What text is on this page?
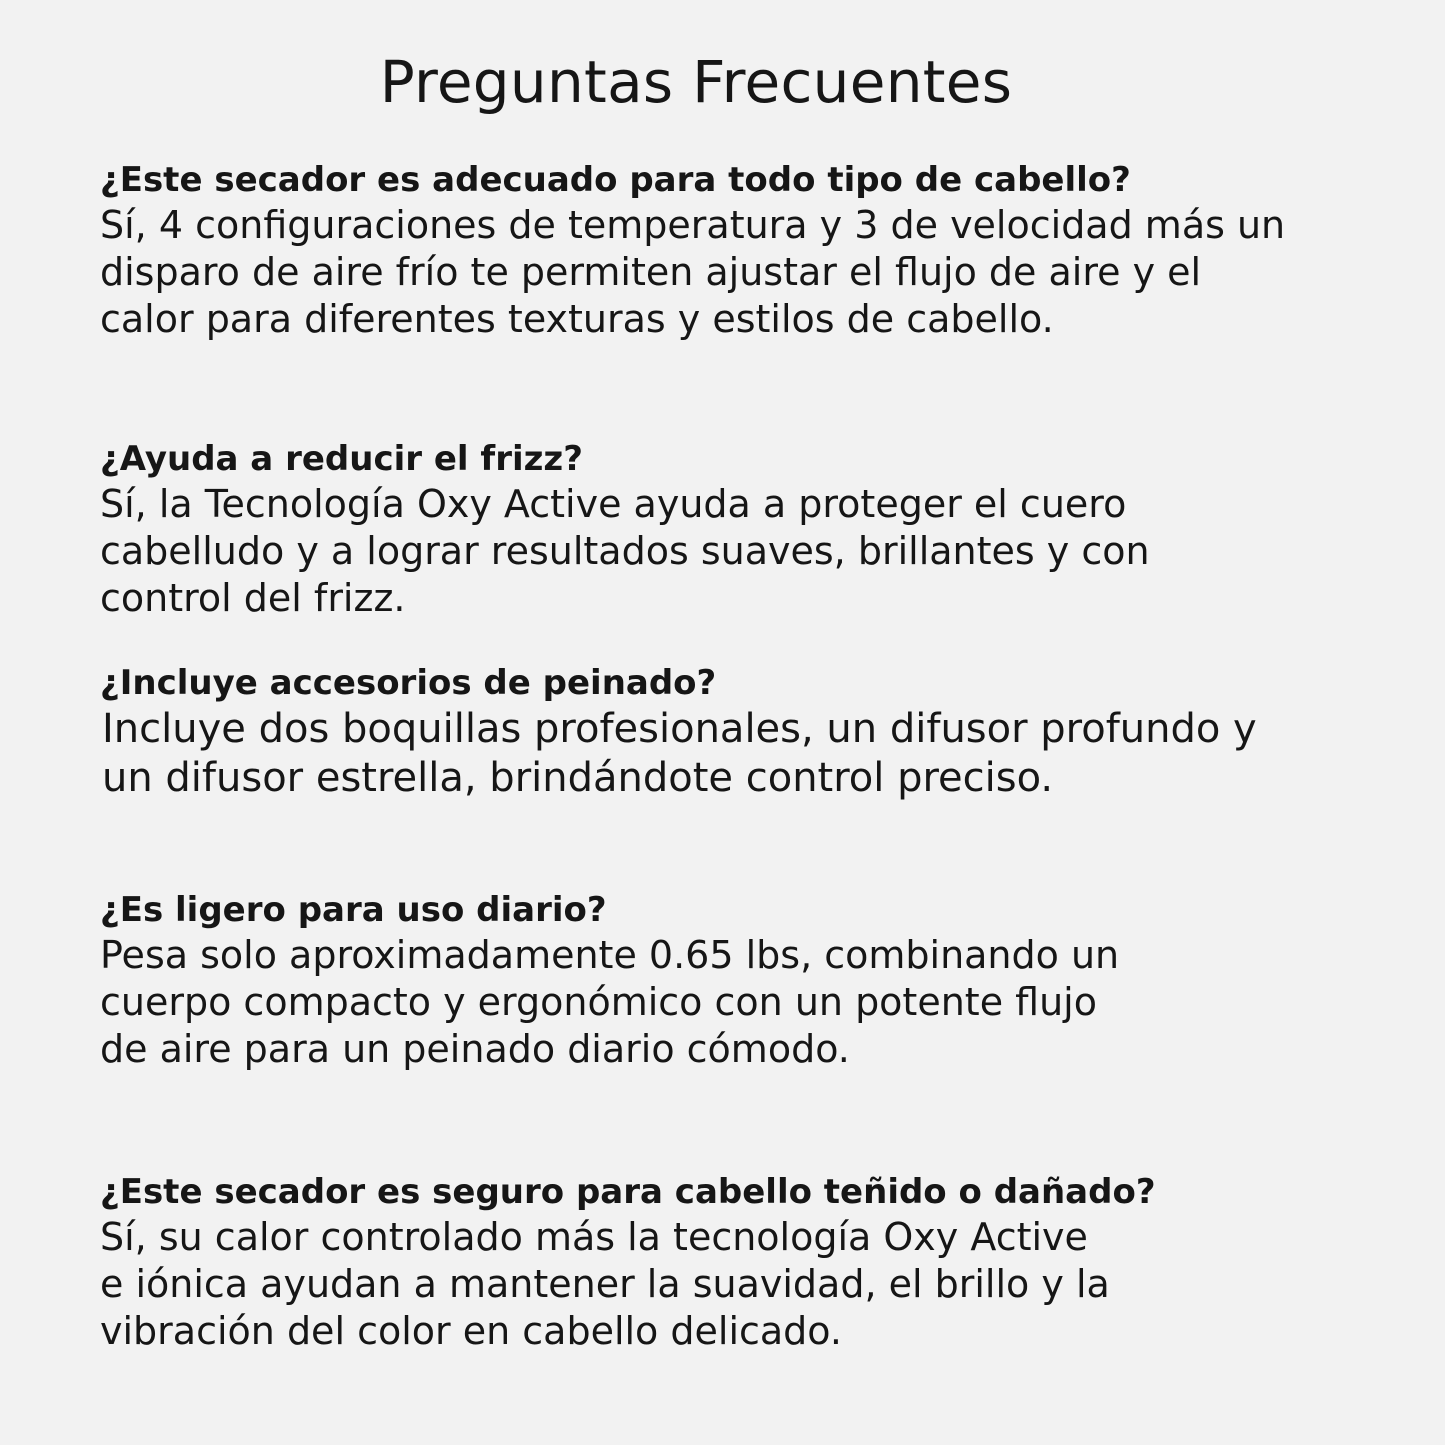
Preguntas Frecuentes

¿Este secador es adecuado para todo tipo de cabello?

Sí, 4 configuraciones de temperatura y 3 de velocidad más un
disparo de aire frío te permiten ajustar el flujo de aire y el
calor para diferentes texturas y estilos de cabello.

¿Ayuda a reducir el frizz?

Sí, la Tecnología Oxy Active ayuda a proteger el cuero
cabelludo y a lograr resultados suaves, brillantes y con
control del frizz.

¿Incluye accesorios de peinado?

Incluye dos boquillas profesionales, un difusor profundo y
un difusor estrella, brindándote control preciso.

¿Es ligero para uso diario?

Pesa solo aproximadamente 0.65 lbs, combinando un
cuerpo compacto y ergonómico con un potente flujo
de aire para un peinado diario cómodo.

¿Este secador es seguro para cabello teñido o dañado?

Sí, su calor controlado más la tecnología Oxy Active
e iónica ayudan a mantener la suavidad, el brillo y la
vibración del color en cabello delicado.
